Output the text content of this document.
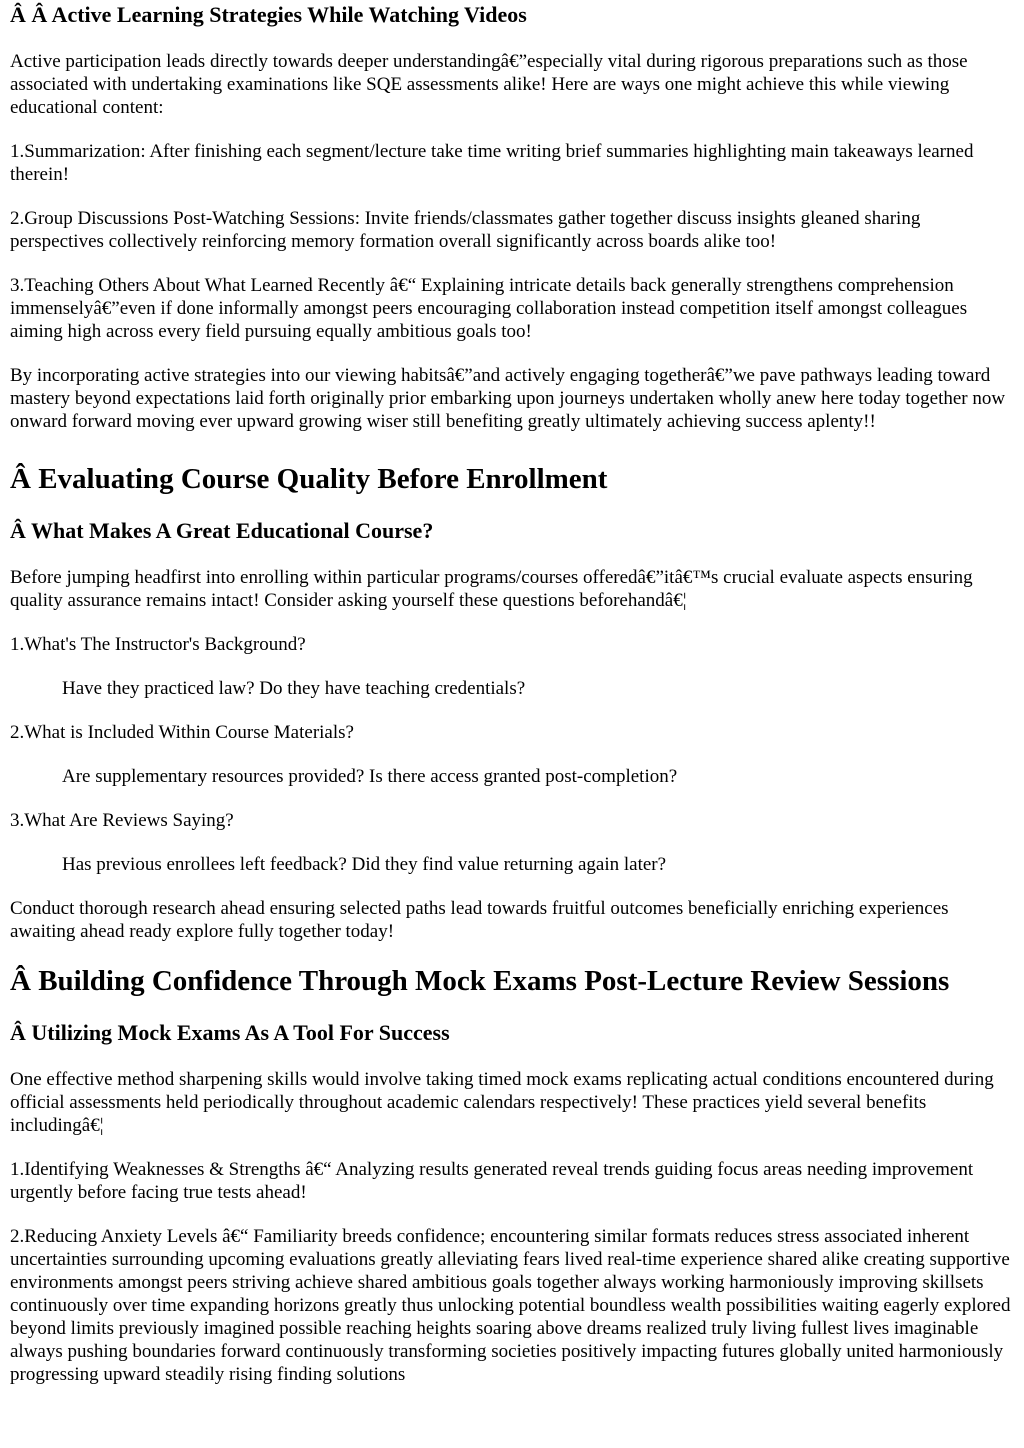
Â Â Active Learning Strategies While Watching Videos

Active participation leads directly towards deeper understandingâ€”especially vital during rigorous preparations such as those associated with undertaking examinations like SQE assessments alike! Here are ways one might achieve this while viewing educational content:

1.Summarization: After finishing each segment/lecture take time writing brief summaries highlighting main takeaways learned therein!

2.Group Discussions Post-Watching Sessions: Invite friends/classmates gather together discuss insights gleaned sharing perspectives collectively reinforcing memory formation overall significantly across boards alike too!

3.Teaching Others About What Learned Recently â€“ Explaining intricate details back generally strengthens comprehension immenselyâ€”even if done informally amongst peers encouraging collaboration instead competition itself amongst colleagues aiming high across every field pursuing equally ambitious goals too!

By incorporating active strategies into our viewing habitsâ€”and actively engaging togetherâ€”we pave pathways leading toward mastery beyond expectations laid forth originally prior embarking upon journeys undertaken wholly anew here today together now onward forward moving ever upward growing wiser still benefiting greatly ultimately achieving success aplenty!!

Â Evaluating Course Quality Before Enrollment
Â What Makes A Great Educational Course?

Before jumping headfirst into enrolling within particular programs/courses offeredâ€”itâ€™s crucial evaluate aspects ensuring quality assurance remains intact! Consider asking yourself these questions beforehandâ€¦

1.What's The Instructor's Background?

Have they practiced law? Do they have teaching credentials?

2.What is Included Within Course Materials?

Are supplementary resources provided? Is there access granted post-completion?

3.What Are Reviews Saying?

Has previous enrollees left feedback? Did they find value returning again later?

Conduct thorough research ahead ensuring selected paths lead towards fruitful outcomes beneficially enriching experiences awaiting ahead ready explore fully together today!

Â Building Confidence Through Mock Exams Post-Lecture Review Sessions
Â Utilizing Mock Exams As A Tool For Success

One effective method sharpening skills would involve taking timed mock exams replicating actual conditions encountered during official assessments held periodically throughout academic calendars respectively! These practices yield several benefits includingâ€¦

1.Identifying Weaknesses & Strengths â€“ Analyzing results generated reveal trends guiding focus areas needing improvement urgently before facing true tests ahead!

2.Reducing Anxiety Levels â€“ Familiarity breeds confidence; encountering similar formats reduces stress associated inherent uncertainties surrounding upcoming evaluations greatly alleviating fears lived real-time experience shared alike creating supportive environments amongst peers striving achieve shared ambitious goals together always working harmoniously improving skillsets continuously over time expanding horizons greatly thus unlocking potential boundless wealth possibilities waiting eagerly explored beyond limits previously imagined possible reaching heights soaring above dreams realized truly living fullest lives imaginable always pushing boundaries forward continuously transforming societies positively impacting futures globally united harmoniously progressing upward steadily rising finding solutions
